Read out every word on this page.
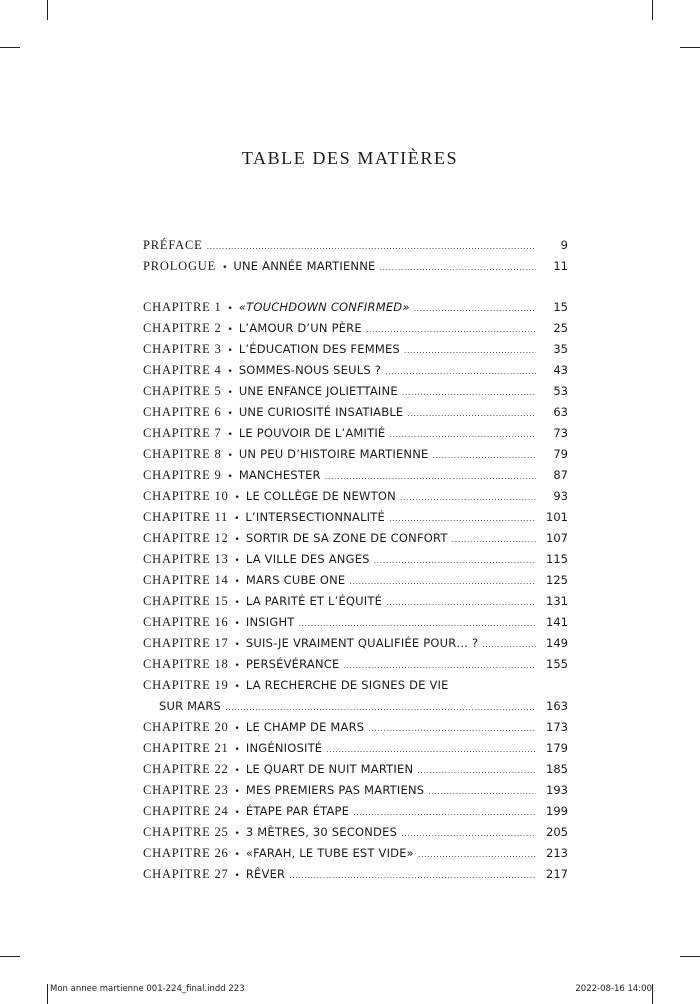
TABLE DES MATIÈRES
PRÉFACE .....	9
PROLOGUE • UNE ANNÉE MARTIENNE .....	11
CHAPITRE 1 • «TOUCHDOWN CONFIRMED» .....	15
CHAPITRE 2 • L’AMOUR D’UN PÈRE .....	25
CHAPITRE 3 • L’ÉDUCATION DES FEMMES .....	35
CHAPITRE 4 • SOMMES-NOUS SEULS ? .....	43
CHAPITRE 5 • UNE ENFANCE JOLIETTAINE .....	53
CHAPITRE 6 • UNE CURIOSITÉ INSATIABLE .....	63
CHAPITRE 7 • LE POUVOIR DE L’AMITIÉ .....	73
CHAPITRE 8 • UN PEU D’HISTOIRE MARTIENNE .....	79
CHAPITRE 9 • MANCHESTER .....	87
CHAPITRE 10 • LE COLLÈGE DE NEWTON .....	93
CHAPITRE 11 • L’INTERSECTIONNALITÉ .....	101
CHAPITRE 12 • SORTIR DE SA ZONE DE CONFORT .....	107
CHAPITRE 13 • LA VILLE DES ANGES .....	115
CHAPITRE 14 • MARS CUBE ONE .....	125
CHAPITRE 15 • LA PARITÉ ET L’ÉQUITÉ .....	131
CHAPITRE 16 • INSIGHT .....	141
CHAPITRE 17 • SUIS-JE VRAIMENT QUALIFIÉE POUR… ? .....	149
CHAPITRE 18 • PERSÉVÉRANCE .....	155
CHAPITRE 19 • LA RECHERCHE DE SIGNES DE VIE
SUR MARS .....	163
CHAPITRE 20 • LE CHAMP DE MARS .....	173
CHAPITRE 21 • INGÉNIOSITÉ .....	179
CHAPITRE 22 • LE QUART DE NUIT MARTIEN .....	185
CHAPITRE 23 • MES PREMIERS PAS MARTIENS .....	193
CHAPITRE 24 • ÉTAPE PAR ÉTAPE .....	199
CHAPITRE 25 • 3 MÈTRES, 30 SECONDES .....	205
CHAPITRE 26 • «FARAH, LE TUBE EST VIDE» .....	213
CHAPITRE 27 • RÊVER .....	217
Mon annee martienne 001-224_final.indd 223	2022-08-16 14:00
